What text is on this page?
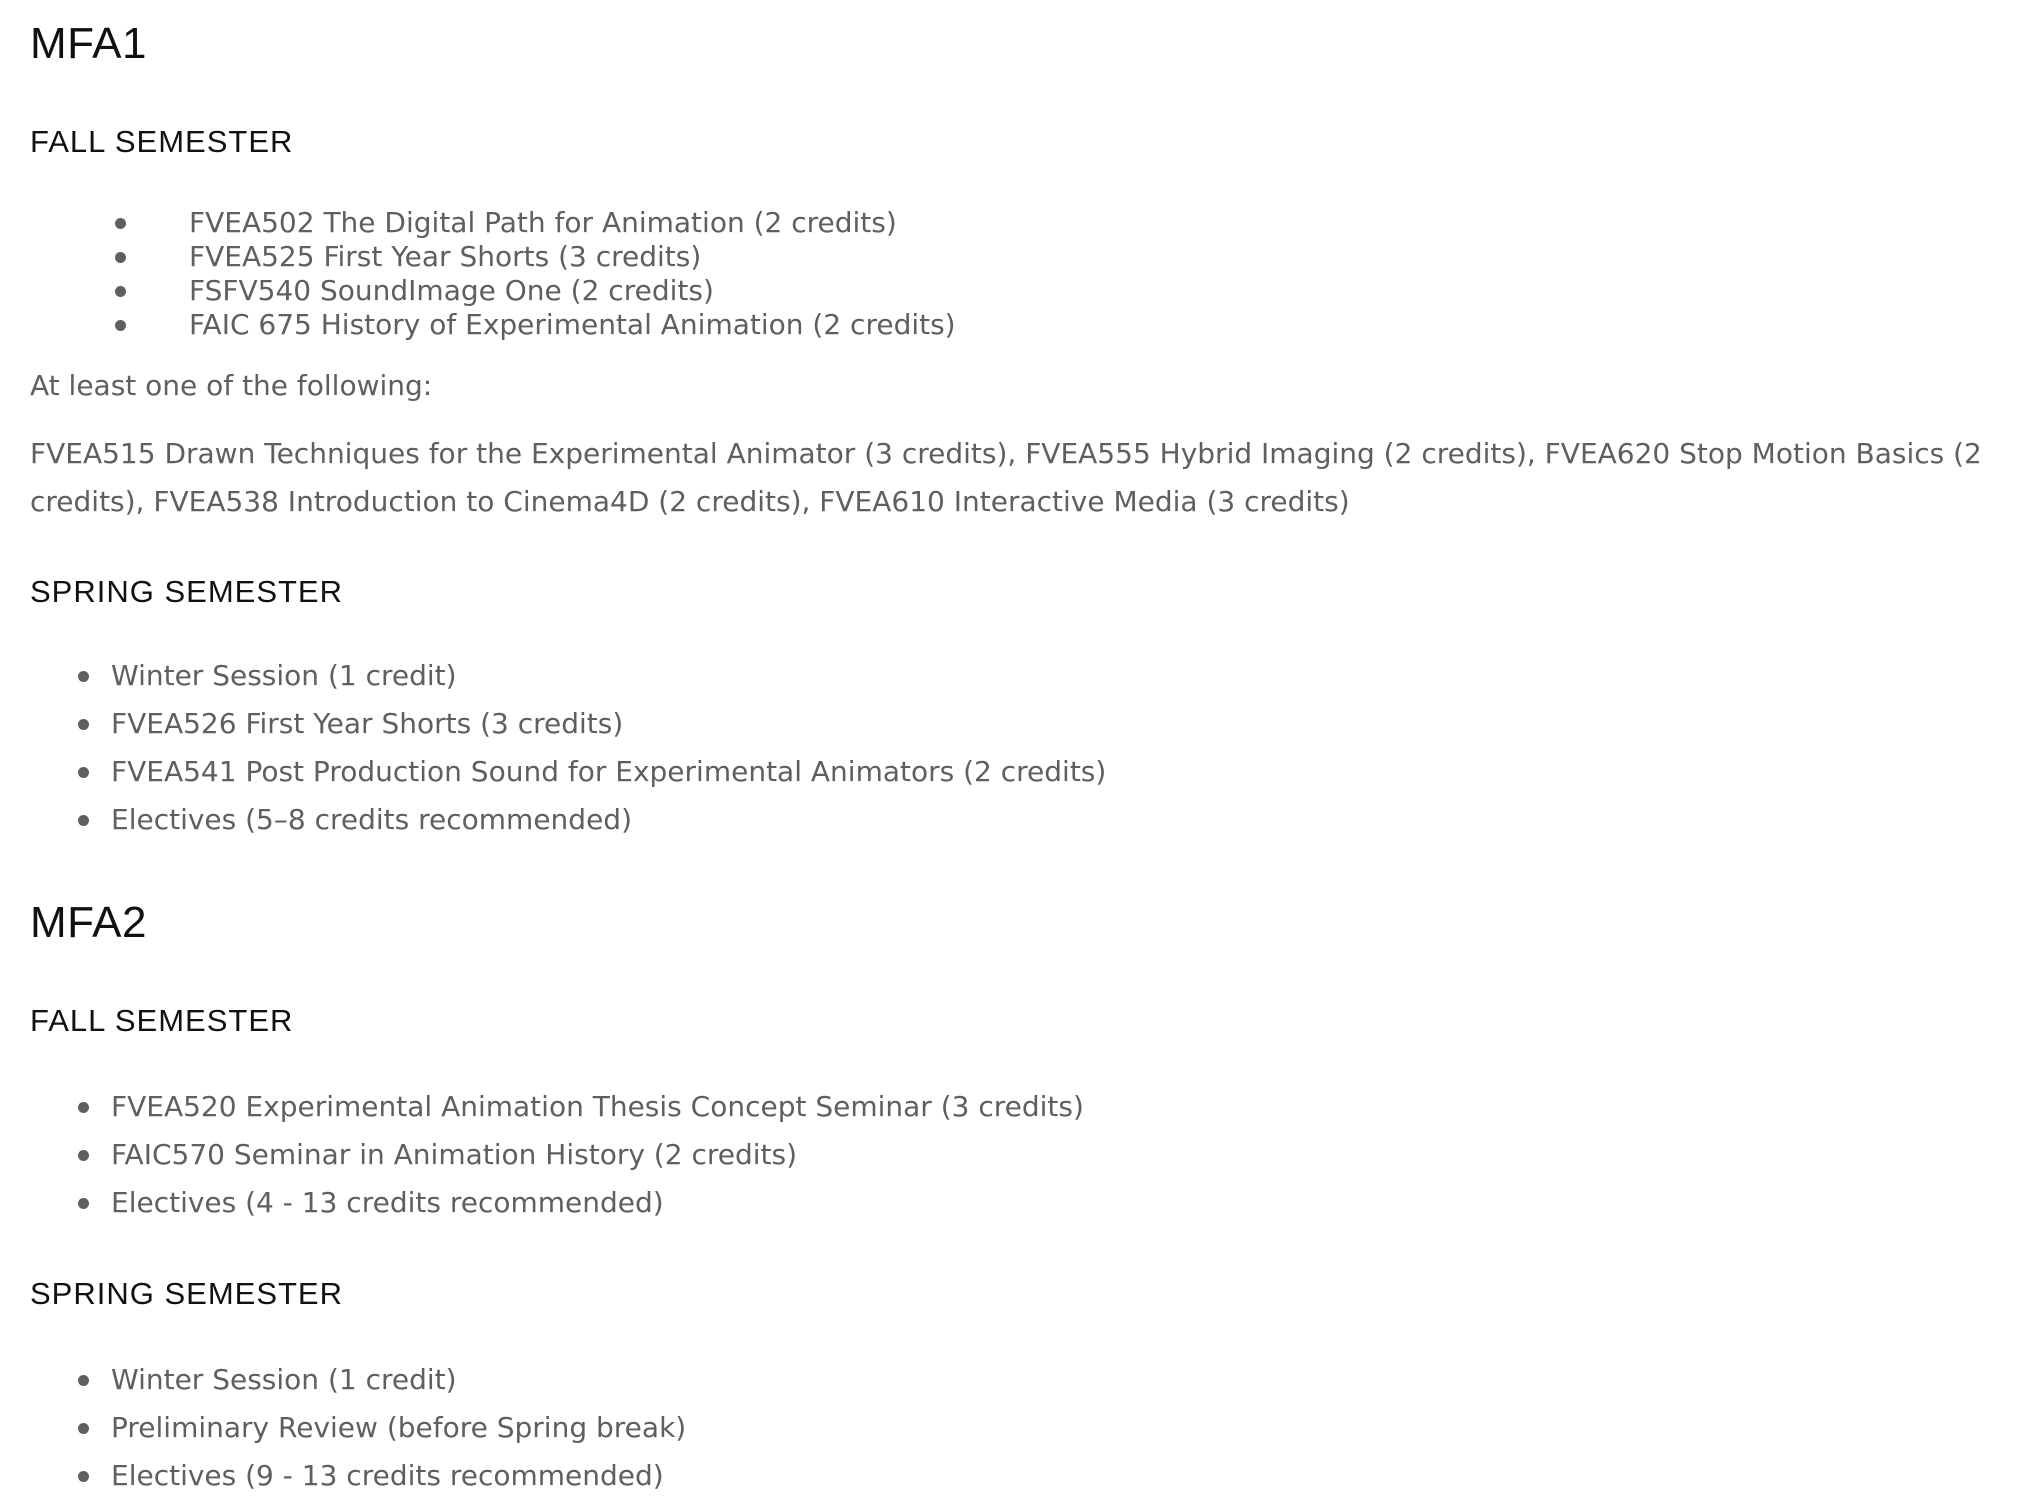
MFA1
FALL SEMESTER
FVEA502 The Digital Path for Animation (2 credits)
FVEA525 First Year Shorts (3 credits)
FSFV540 SoundImage One (2 credits)
FAIC 675 History of Experimental Animation (2 credits)

At least one of the following:

FVEA515 Drawn Techniques for the Experimental Animator (3 credits), FVEA555 Hybrid Imaging (2 credits), FVEA620 Stop Motion Basics (2 credits), FVEA538 Introduction to Cinema4D (2 credits), FVEA610 Interactive Media (3 credits)

SPRING SEMESTER
Winter Session (1 credit)
FVEA526 First Year Shorts (3 credits)
FVEA541 Post Production Sound for Experimental Animators (2 credits)
Electives (5–8 credits recommended)
MFA2
FALL SEMESTER
FVEA520 Experimental Animation Thesis Concept Seminar (3 credits)
FAIC570 Seminar in Animation History (2 credits)
Electives (4 - 13 credits recommended)
SPRING SEMESTER
Winter Session (1 credit)
Preliminary Review (before Spring break)
Electives (9 - 13 credits recommended)
